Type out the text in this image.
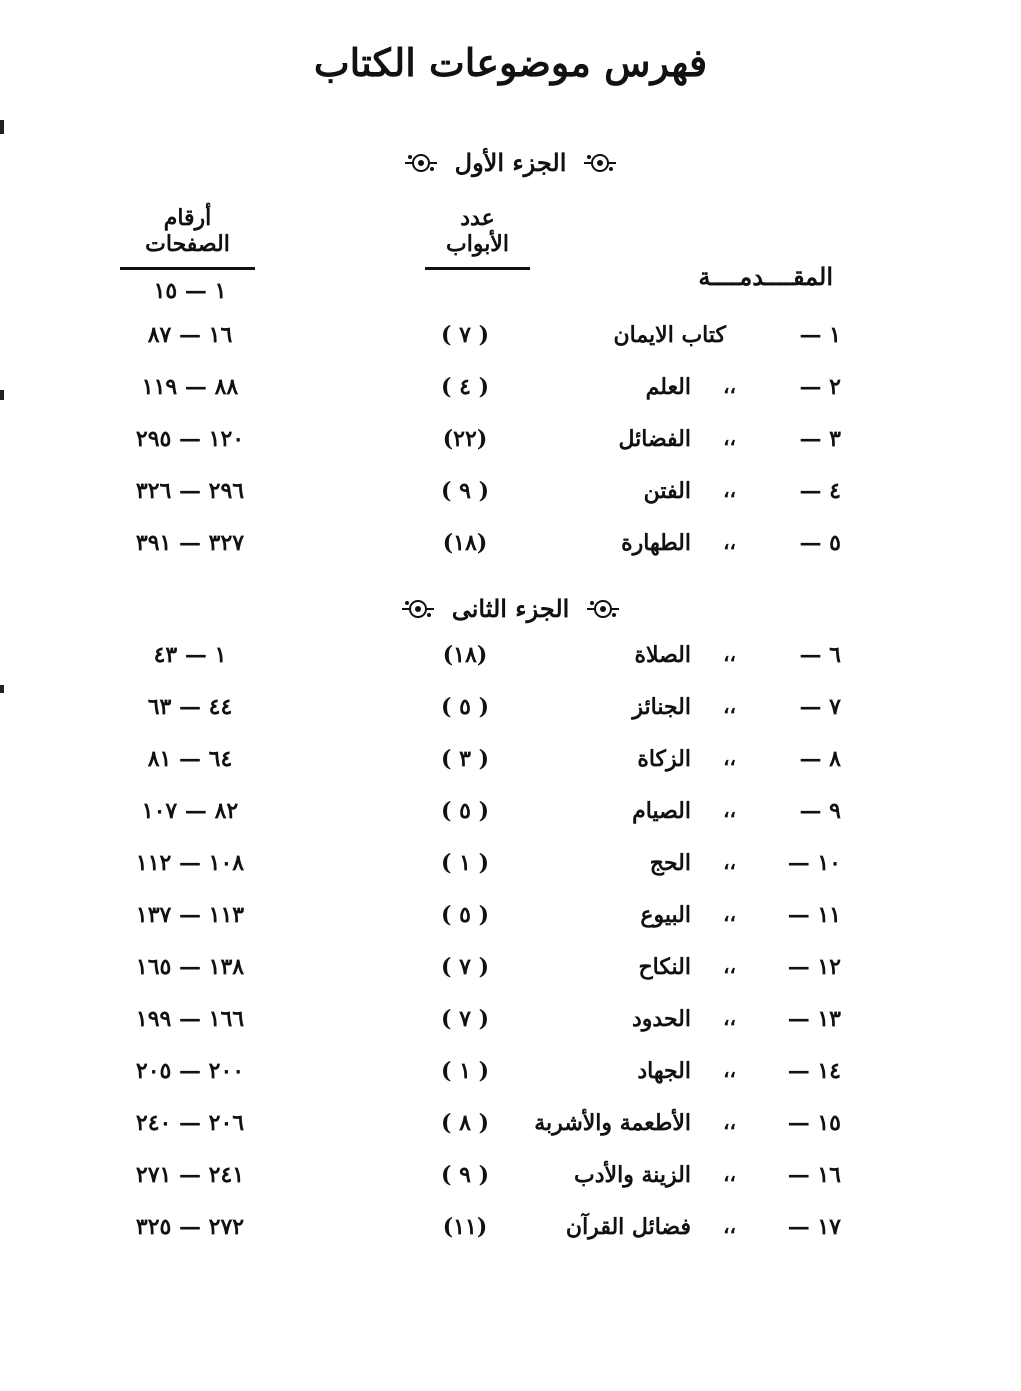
فهرس موضوعات الكتاب
الجزء الأول
عدد الأبواب
أرقام الصفحات
المقــــدمــــة
١ — ١٥
١ —
كتاب الايمان
( ٧ )
١٦ — ٨٧
٢ —
،،
العلم
( ٤ )
٨٨ — ١١٩
٣ —
،،
الفضائل
(٢٢)
١٢٠ — ٢٩٥
٤ —
،،
الفتن
( ٩ )
٢٩٦ — ٣٢٦
٥ —
،،
الطهارة
(١٨)
٣٢٧ — ٣٩١
الجزء الثانى
٦ —
،،
الصلاة
(١٨)
١ — ٤٣
٧ —
،،
الجنائز
( ٥ )
٤٤ — ٦٣
٨ —
،،
الزكاة
( ٣ )
٦٤ — ٨١
٩ —
،،
الصيام
( ٥ )
٨٢ — ١٠٧
١٠ —
،،
الحج
( ١ )
١٠٨ — ١١٢
١١ —
،،
البيوع
( ٥ )
١١٣ — ١٣٧
١٢ —
،،
النكاح
( ٧ )
١٣٨ — ١٦٥
١٣ —
،،
الحدود
( ٧ )
١٦٦ — ١٩٩
١٤ —
،،
الجهاد
( ١ )
٢٠٠ — ٢٠٥
١٥ —
،،
الأطعمة والأشربة
( ٨ )
٢٠٦ — ٢٤٠
١٦ —
،،
الزينة والأدب
( ٩ )
٢٤١ — ٢٧١
١٧ —
،،
فضائل القرآن
(١١)
٢٧٢ — ٣٢٥
